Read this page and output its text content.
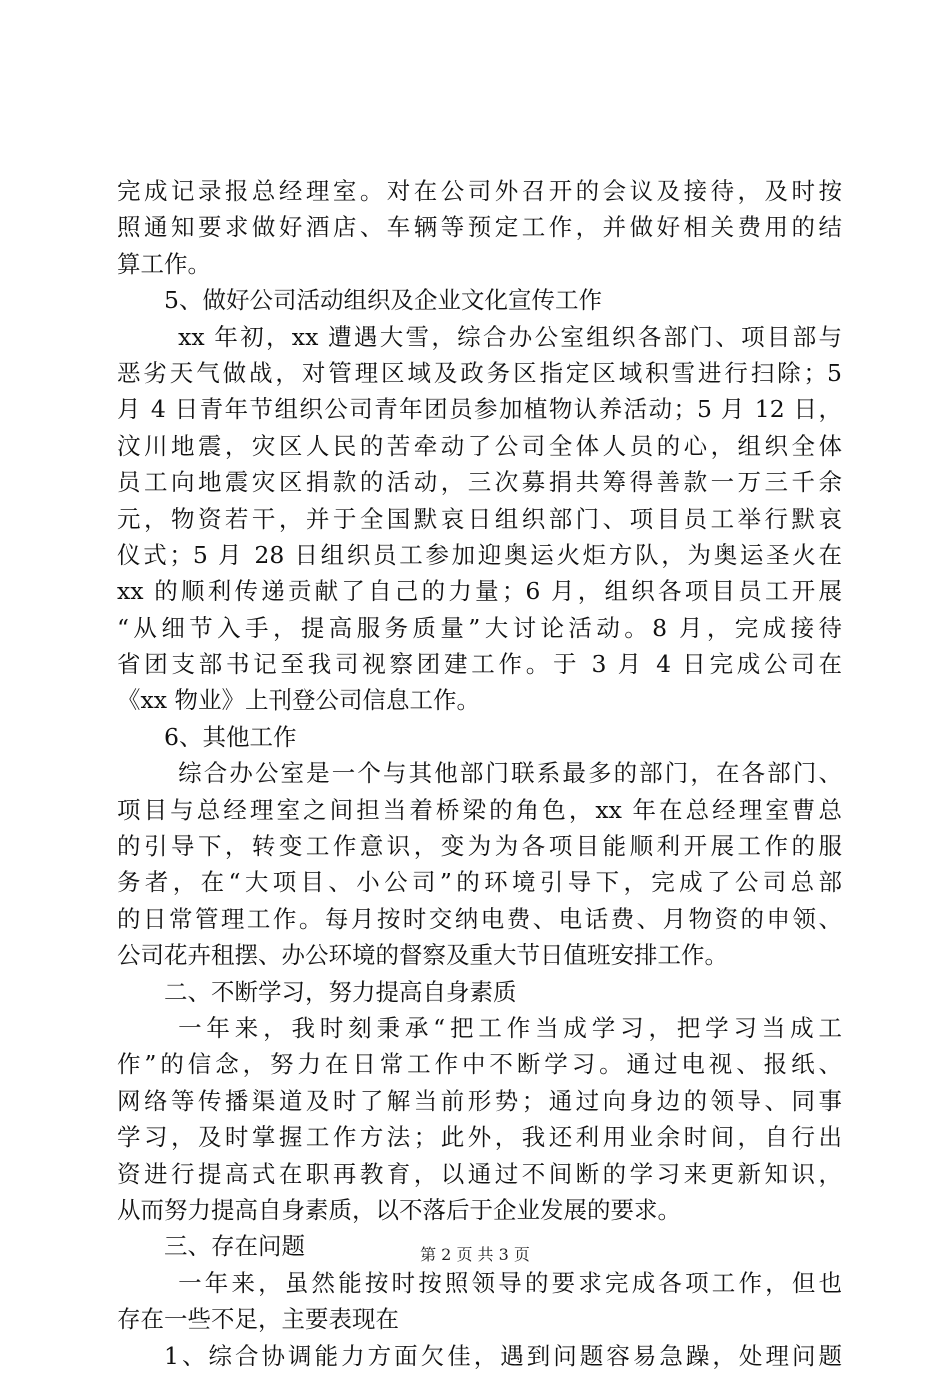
完成记录报总经理室。对在公司外召开的会议及接待，及时按
照通知要求做好酒店、车辆等预定工作，并做好相关费用的结
算工作。
5、做好公司活动组织及企业文化宣传工作
xx 年初，xx 遭遇大雪，综合办公室组织各部门、项目部与
恶劣天气做战，对管理区域及政务区指定区域积雪进行扫除；5
月 4 日青年节组织公司青年团员参加植物认养活动；5 月 12 日，
汶川地震，灾区人民的苦牵动了公司全体人员的心，组织全体
员工向地震灾区捐款的活动，三次募捐共筹得善款一万三千余
元，物资若干，并于全国默哀日组织部门、项目员工举行默哀
仪式；5 月 28 日组织员工参加迎奥运火炬方队，为奥运圣火在
xx 的顺利传递贡献了自己的力量；6 月，组织各项目员工开展
“从细节入手，提高服务质量”大讨论活动。8 月，完成接待
省团支部书记至我司视察团建工作。于 3 月 4 日完成公司在
《xx 物业》上刊登公司信息工作。
6、其他工作
综合办公室是一个与其他部门联系最多的部门，在各部门、
项目与总经理室之间担当着桥梁的角色，xx 年在总经理室曹总
的引导下，转变工作意识，变为为各项目能顺利开展工作的服
务者，在“大项目、小公司”的环境引导下，完成了公司总部
的日常管理工作。每月按时交纳电费、电话费、月物资的申领、
公司花卉租摆、办公环境的督察及重大节日值班安排工作。
二、不断学习，努力提高自身素质
一年来，我时刻秉承“把工作当成学习，把学习当成工
作”的信念，努力在日常工作中不断学习。通过电视、报纸、
网络等传播渠道及时了解当前形势；通过向身边的领导、同事
学习，及时掌握工作方法；此外，我还利用业余时间，自行出
资进行提高式在职再教育，以通过不间断的学习来更新知识，
从而努力提高自身素质，以不落后于企业发展的要求。
三、存在问题
一年来，虽然能按时按照领导的要求完成各项工作，但也
存在一些不足，主要表现在
1、综合协调能力方面欠佳，遇到问题容易急躁，处理问题
第 2 页 共 3 页
